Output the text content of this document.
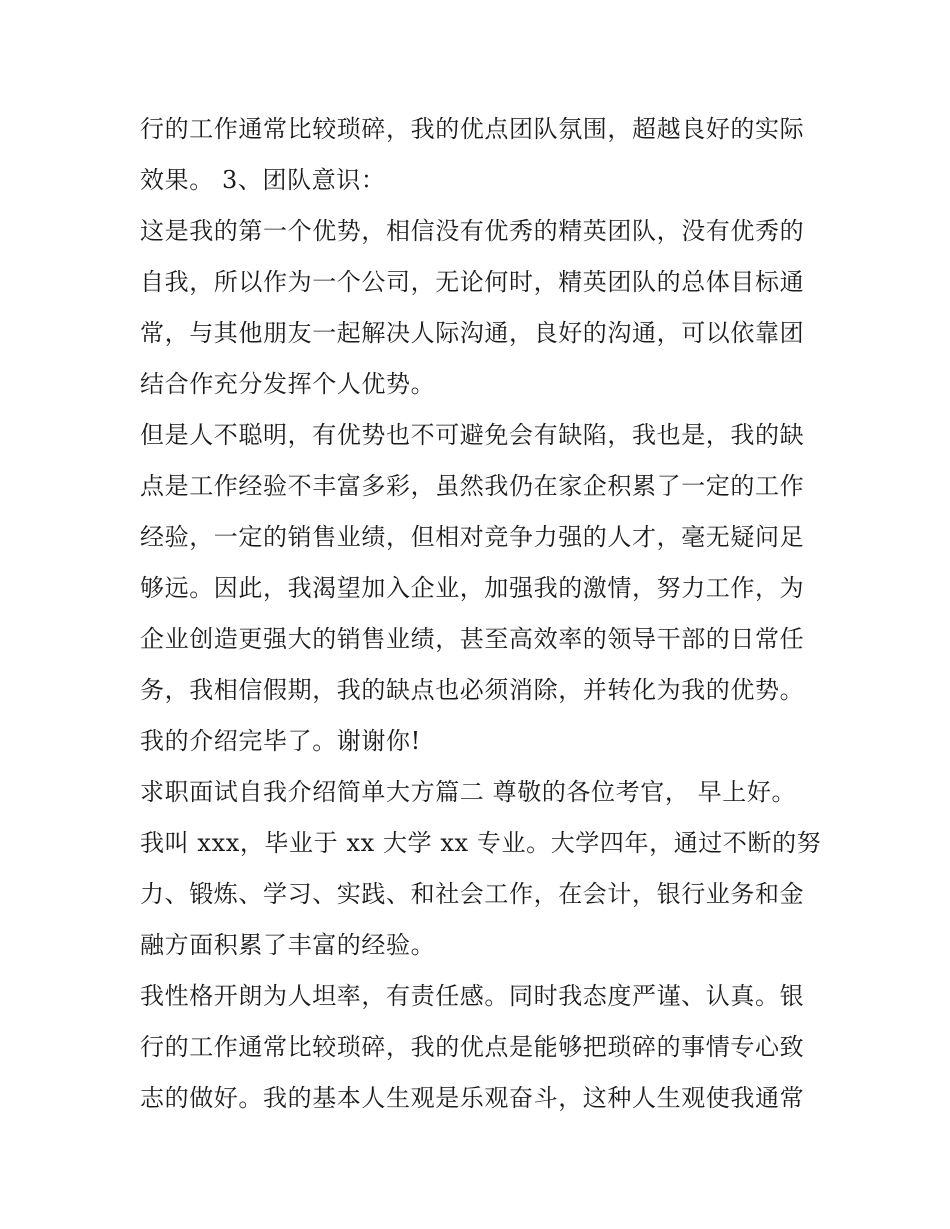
行的工作通常比较琐碎，我的优点团队氛围，超越良好的实际
效果。 3、团队意识：
这是我的第一个优势，相信没有优秀的精英团队，没有优秀的
自我，所以作为一个公司，无论何时，精英团队的总体目标通
常，与其他朋友一起解决人际沟通，良好的沟通，可以依靠团
结合作充分发挥个人优势。
但是人不聪明，有优势也不可避免会有缺陷，我也是，我的缺
点是工作经验不丰富多彩，虽然我仍在家企积累了一定的工作
经验，一定的销售业绩，但相对竞争力强的人才，毫无疑问足
够远。因此，我渴望加入企业，加强我的激情，努力工作，为
企业创造更强大的销售业绩，甚至高效率的领导干部的日常任
务，我相信假期，我的缺点也必须消除，并转化为我的优势。
我的介绍完毕了。谢谢你!
求职面试自我介绍简单大方篇二 尊敬的各位考官， 早上好。
我叫 xxx，毕业于 xx 大学 xx 专业。大学四年，通过不断的努
力、锻炼、学习、实践、和社会工作，在会计，银行业务和金
融方面积累了丰富的经验。
我性格开朗为人坦率，有责任感。同时我态度严谨、认真。银
行的工作通常比较琐碎，我的优点是能够把琐碎的事情专心致
志的做好。我的基本人生观是乐观奋斗，这种人生观使我通常
